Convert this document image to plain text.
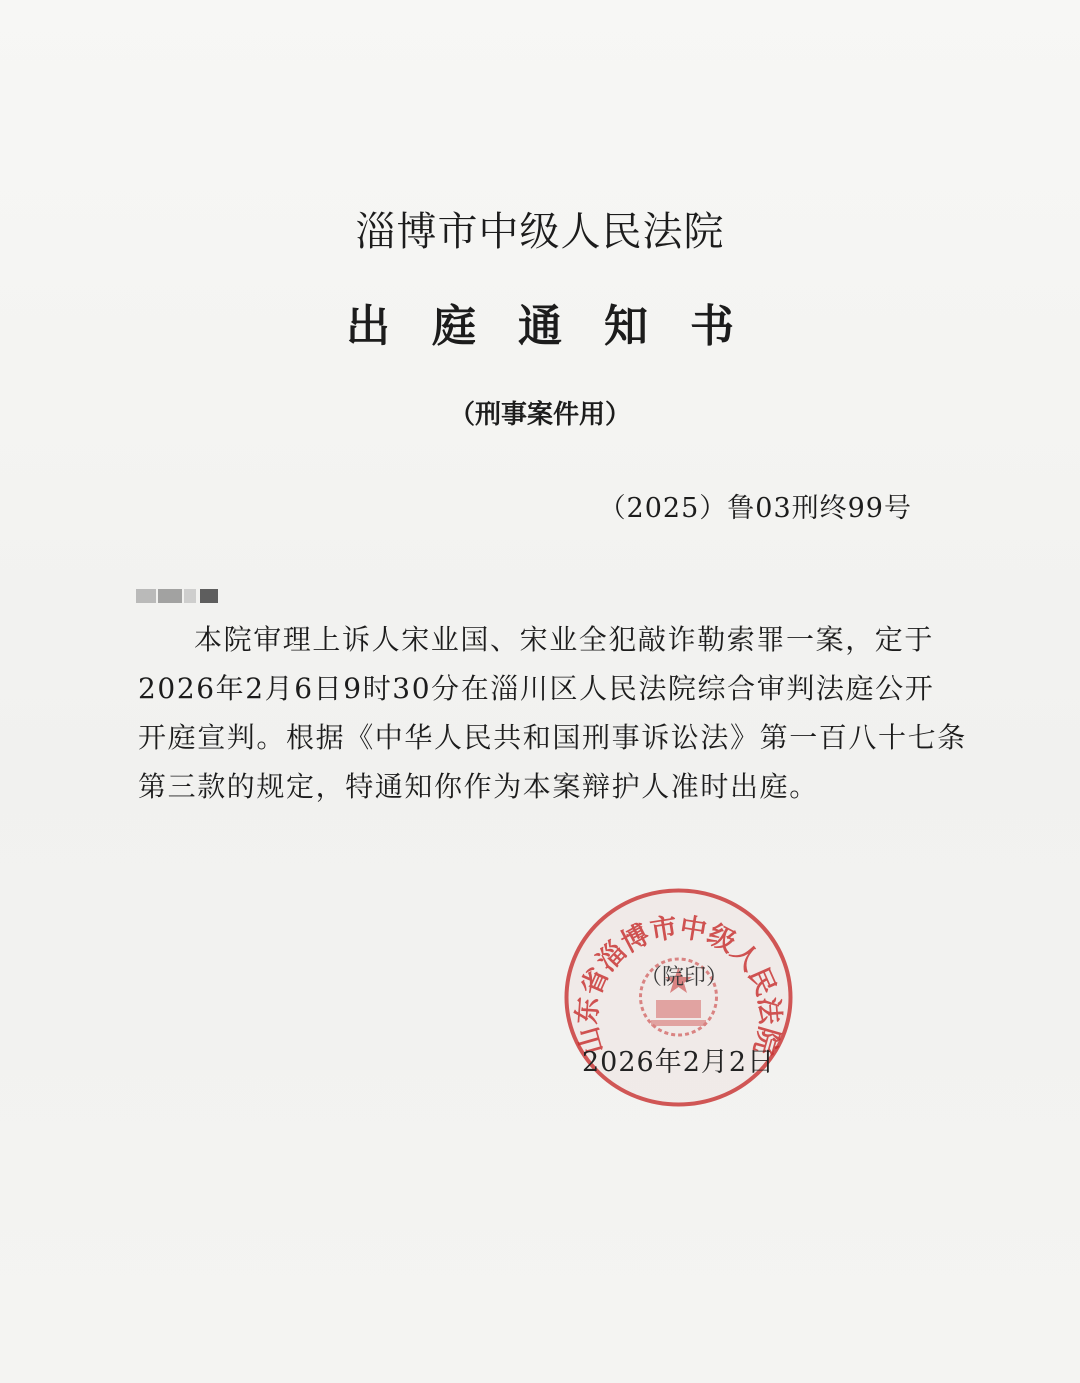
淄博市中级人民法院
出庭通知书
（刑事案件用）
（2025）鲁03刑终99号
本院审理上诉人宋业国、宋业全犯敲诈勒索罪一案，定于
2026年2月6日9时30分在淄川区人民法院综合审判法庭公开
开庭宣判。根据《中华人民共和国刑事诉讼法》第一百八十七条
第三款的规定，特通知你作为本案辩护人准时出庭。
山东省淄博市中级人民法院
（院印）
2026年2月2日
